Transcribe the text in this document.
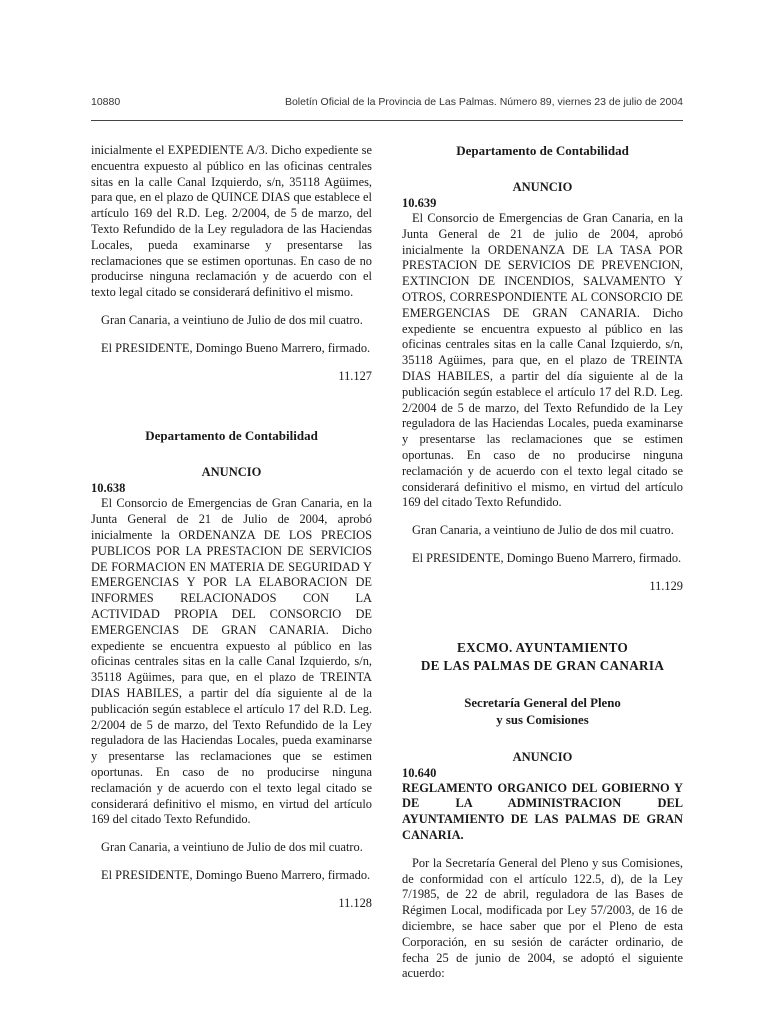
10880	Boletín Oficial de la Provincia de Las Palmas. Número 89, viernes 23 de julio de 2004

inicialmente el EXPEDIENTE A/3. Dicho expediente se encuentra expuesto al público en las oficinas centrales sitas en la calle Canal Izquierdo, s/n, 35118 Agüimes, para que, en el plazo de QUINCE DIAS que establece el artículo 169 del R.D. Leg. 2/2004, de 5 de marzo, del Texto Refundido de la Ley reguladora de las Haciendas Locales, pueda examinarse y presentarse las reclamaciones que se estimen oportunas. En caso de no producirse ninguna reclamación y de acuerdo con el texto legal citado se considerará definitivo el mismo.

Gran Canaria, a veintiuno de Julio de dos mil cuatro.

El PRESIDENTE, Domingo Bueno Marrero, firmado.

11.127

Departamento de Contabilidad

ANUNCIO

10.638

El Consorcio de Emergencias de Gran Canaria, en la Junta General de 21 de Julio de 2004, aprobó inicialmente la ORDENANZA DE LOS PRECIOS PUBLICOS POR LA PRESTACION DE SERVICIOS DE FORMACION EN MATERIA DE SEGURIDAD Y EMERGENCIAS Y POR LA ELABORACION DE INFORMES RELACIONADOS CON LA ACTIVIDAD PROPIA DEL CONSORCIO DE EMERGENCIAS DE GRAN CANARIA. Dicho expediente se encuentra expuesto al público en las oficinas centrales sitas en la calle Canal Izquierdo, s/n, 35118 Agüimes, para que, en el plazo de TREINTA DIAS HABILES, a partir del día siguiente al de la publicación según establece el artículo 17 del R.D. Leg. 2/2004 de 5 de marzo, del Texto Refundido de la Ley reguladora de las Haciendas Locales, pueda examinarse y presentarse las reclamaciones que se estimen oportunas. En caso de no producirse ninguna reclamación y de acuerdo con el texto legal citado se considerará definitivo el mismo, en virtud del artículo 169 del citado Texto Refundido.

Gran Canaria, a veintiuno de Julio de dos mil cuatro.

El PRESIDENTE, Domingo Bueno Marrero, firmado.

11.128

Departamento de Contabilidad

ANUNCIO

10.639

El Consorcio de Emergencias de Gran Canaria, en la Junta General de 21 de julio de 2004, aprobó inicialmente la ORDENANZA DE LA TASA POR PRESTACION DE SERVICIOS DE PREVENCION, EXTINCION DE INCENDIOS, SALVAMENTO Y OTROS, CORRESPONDIENTE AL CONSORCIO DE EMERGENCIAS DE GRAN CANARIA. Dicho expediente se encuentra expuesto al público en las oficinas centrales sitas en la calle Canal Izquierdo, s/n, 35118 Agüimes, para que, en el plazo de TREINTA DIAS HABILES, a partir del día siguiente al de la publicación según establece el artículo 17 del R.D. Leg. 2/2004 de 5 de marzo, del Texto Refundido de la Ley reguladora de las Haciendas Locales, pueda examinarse y presentarse las reclamaciones que se estimen oportunas. En caso de no producirse ninguna reclamación y de acuerdo con el texto legal citado se considerará definitivo el mismo, en virtud del artículo 169 del citado Texto Refundido.

Gran Canaria, a veintiuno de Julio de dos mil cuatro.

El PRESIDENTE, Domingo Bueno Marrero, firmado.

11.129

EXCMO. AYUNTAMIENTO

DE LAS PALMAS DE GRAN CANARIA

Secretaría General del Pleno

y sus Comisiones

ANUNCIO

10.640

REGLAMENTO ORGANICO DEL GOBIERNO Y DE LA ADMINISTRACION DEL AYUNTAMIENTO DE LAS PALMAS DE GRAN CANARIA.

Por la Secretaría General del Pleno y sus Comisiones, de conformidad con el artículo 122.5, d), de la Ley 7/1985, de 22 de abril, reguladora de las Bases de Régimen Local, modificada por Ley 57/2003, de 16 de diciembre, se hace saber que por el Pleno de esta Corporación, en su sesión de carácter ordinario, de fecha 25 de junio de 2004, se adoptó el siguiente acuerdo:
